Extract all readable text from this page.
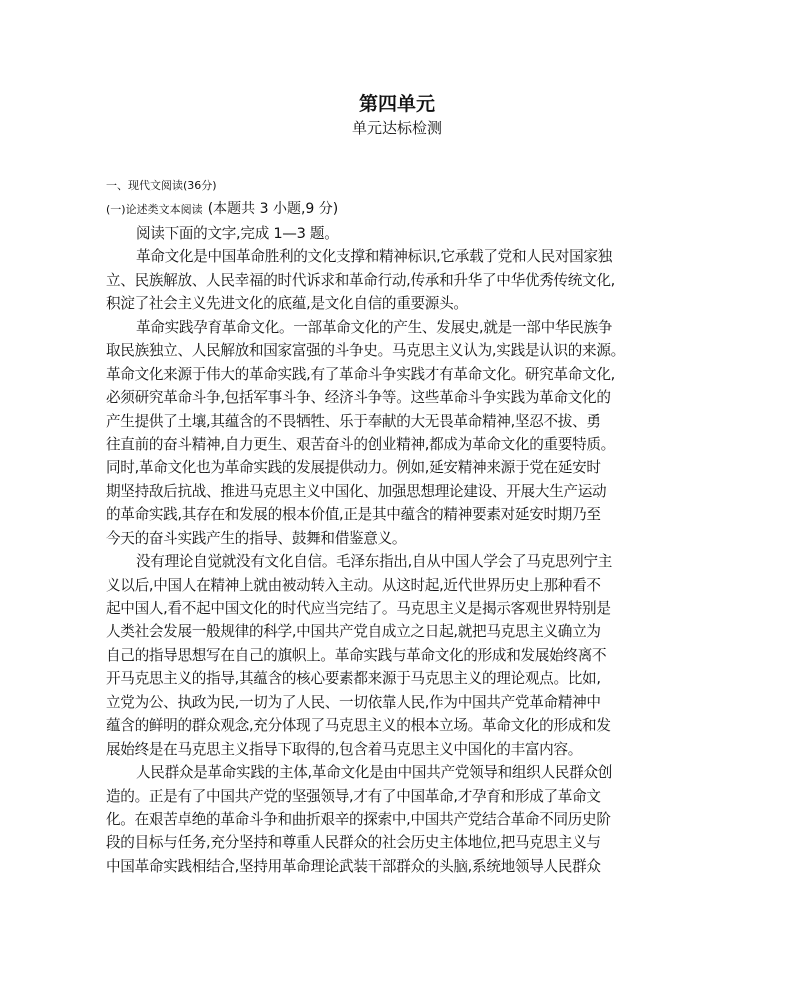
第四单元
单元达标检测
一、现代文阅读(36分)
(一)论述类文本阅读 (本题共 3 小题,9 分)
阅读下面的文字,完成 1—3 题。
革命文化是中国革命胜利的文化支撑和精神标识,它承载了党和人民对国家独
立、民族解放、人民幸福的时代诉求和革命行动,传承和升华了中华优秀传统文化,
积淀了社会主义先进文化的底蕴,是文化自信的重要源头。
革命实践孕育革命文化。一部革命文化的产生、发展史,就是一部中华民族争
取民族独立、人民解放和国家富强的斗争史。马克思主义认为,实践是认识的来源。
革命文化来源于伟大的革命实践,有了革命斗争实践才有革命文化。研究革命文化,
必须研究革命斗争,包括军事斗争、经济斗争等。这些革命斗争实践为革命文化的
产生提供了土壤,其蕴含的不畏牺牲、乐于奉献的大无畏革命精神,坚忍不拔、勇
往直前的奋斗精神,自力更生、艰苦奋斗的创业精神,都成为革命文化的重要特质。
同时,革命文化也为革命实践的发展提供动力。例如,延安精神来源于党在延安时
期坚持敌后抗战、推进马克思主义中国化、加强思想理论建设、开展大生产运动
的革命实践,其存在和发展的根本价值,正是其中蕴含的精神要素对延安时期乃至
今天的奋斗实践产生的指导、鼓舞和借鉴意义。
没有理论自觉就没有文化自信。毛泽东指出,自从中国人学会了马克思列宁主
义以后,中国人在精神上就由被动转入主动。从这时起,近代世界历史上那种看不
起中国人,看不起中国文化的时代应当完结了。马克思主义是揭示客观世界特别是
人类社会发展一般规律的科学,中国共产党自成立之日起,就把马克思主义确立为
自己的指导思想写在自己的旗帜上。革命实践与革命文化的形成和发展始终离不
开马克思主义的指导,其蕴含的核心要素都来源于马克思主义的理论观点。比如,
立党为公、执政为民,一切为了人民、一切依靠人民,作为中国共产党革命精神中
蕴含的鲜明的群众观念,充分体现了马克思主义的根本立场。革命文化的形成和发
展始终是在马克思主义指导下取得的,包含着马克思主义中国化的丰富内容。
人民群众是革命实践的主体,革命文化是由中国共产党领导和组织人民群众创
造的。正是有了中国共产党的坚强领导,才有了中国革命,才孕育和形成了革命文
化。在艰苦卓绝的革命斗争和曲折艰辛的探索中,中国共产党结合革命不同历史阶
段的目标与任务,充分坚持和尊重人民群众的社会历史主体地位,把马克思主义与
中国革命实践相结合,坚持用革命理论武装干部群众的头脑,系统地领导人民群众
